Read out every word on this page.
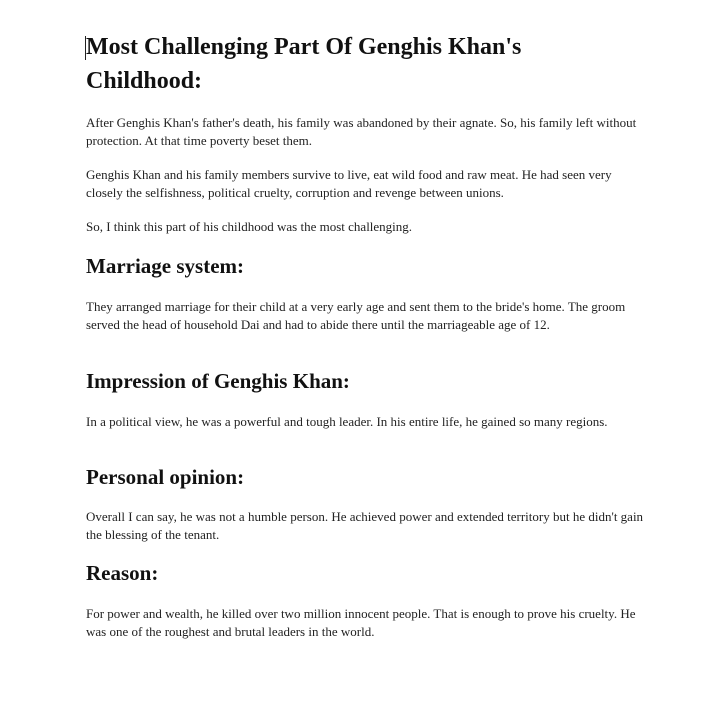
Most Challenging Part Of Genghis Khan's Childhood:

After Genghis Khan's father's death, his family was abandoned by their agnate. So, his family left without protection. At that time poverty beset them.

Genghis Khan and his family members survive to live, eat wild food and raw meat. He had seen very closely the selfishness, political cruelty, corruption and revenge between unions.

So, I think this part of his childhood was the most challenging.

Marriage system:

They arranged marriage for their child at a very early age and sent them to the bride's home. The groom served the head of household Dai and had to abide there until the marriageable age of 12.

Impression of Genghis Khan:

In a political view, he was a powerful and tough leader. In his entire life, he gained so many regions.

Personal opinion:

Overall I can say, he was not a humble person. He achieved power and extended territory but he didn't gain the blessing of the tenant.

Reason:

For power and wealth, he killed over two million innocent people. That is enough to prove his cruelty. He was one of the roughest and brutal leaders in the world.
